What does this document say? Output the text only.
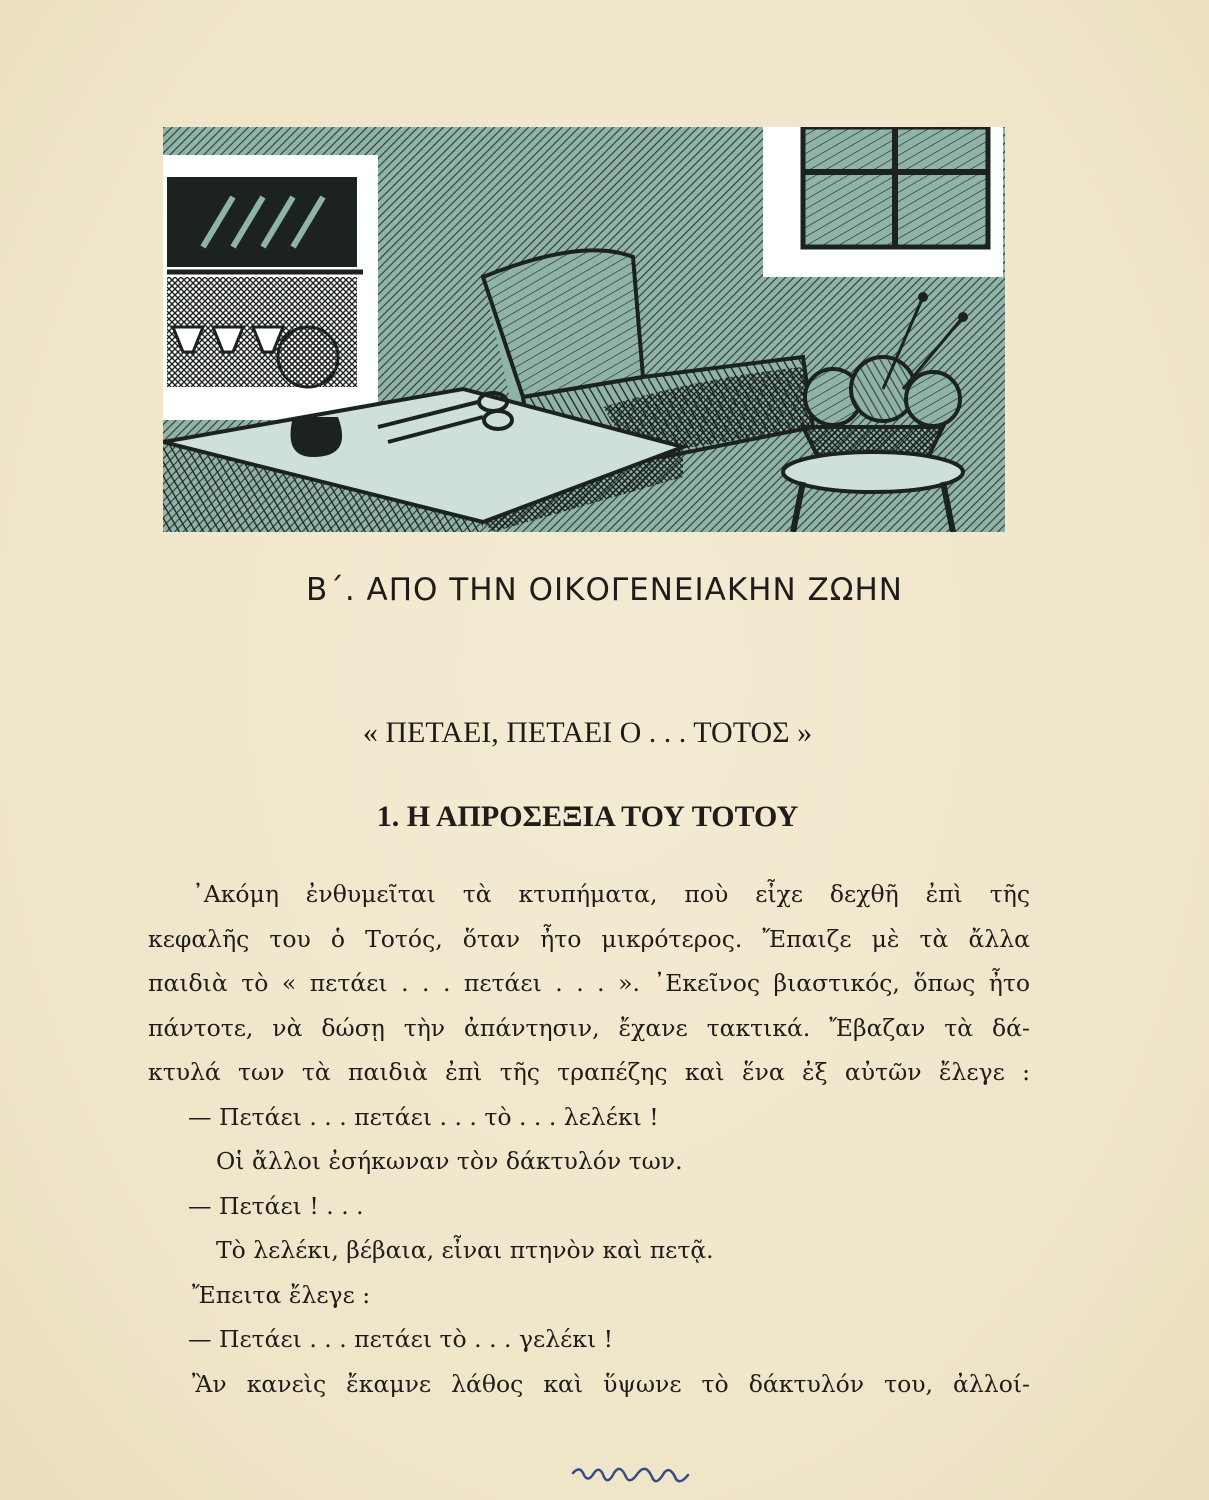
Β΄. ΑΠΟ ΤΗΝ ΟΙΚΟΓΕΝΕΙΑΚΗΝ ΖΩΗΝ
« ΠΕΤΑΕΙ, ΠΕΤΑΕΙ Ο . . . ΤΟΤΟΣ »
1. Η ΑΠΡΟΣΕΞΙΑ ΤΟΥ ΤΟΤΟΥ
᾿Ακόμη ἐνθυμεῖται τὰ κτυπήματα, ποὺ εἶχε δεχθῆ ἐπὶ τῆς
κεφαλῆς του ὁ Τοτός, ὅταν ἦτο μικρότερος. Ἔπαιζε μὲ τὰ ἄλλα
παιδιὰ τὸ « πετάει . . . πετάει . . . ». ᾿Εκεῖνος βιαστικός, ὅπως ἦτο
πάντοτε, νὰ δώσῃ τὴν ἀπάντησιν, ἔχανε τακτικά. Ἔβαζαν τὰ δά-
κτυλά των τὰ παιδιὰ ἐπὶ τῆς τραπέζης καὶ ἕνα ἐξ αὐτῶν ἔλεγε :
— Πετάει . . . πετάει . . . τὸ . . . λελέκι !
Οἱ ἄλλοι ἐσήκωναν τὸν δάκτυλόν των.
— Πετάει ! . . .
Τὸ λελέκι, βέβαια, εἶναι πτηνὸν καὶ πετᾷ.
Ἔπειτα ἔλεγε :
— Πετάει . . . πετάει τὸ . . . γελέκι !
Ἂν κανεὶς ἔκαμνε λάθος καὶ ὕψωνε τὸ δάκτυλόν του, ἀλλοί-
